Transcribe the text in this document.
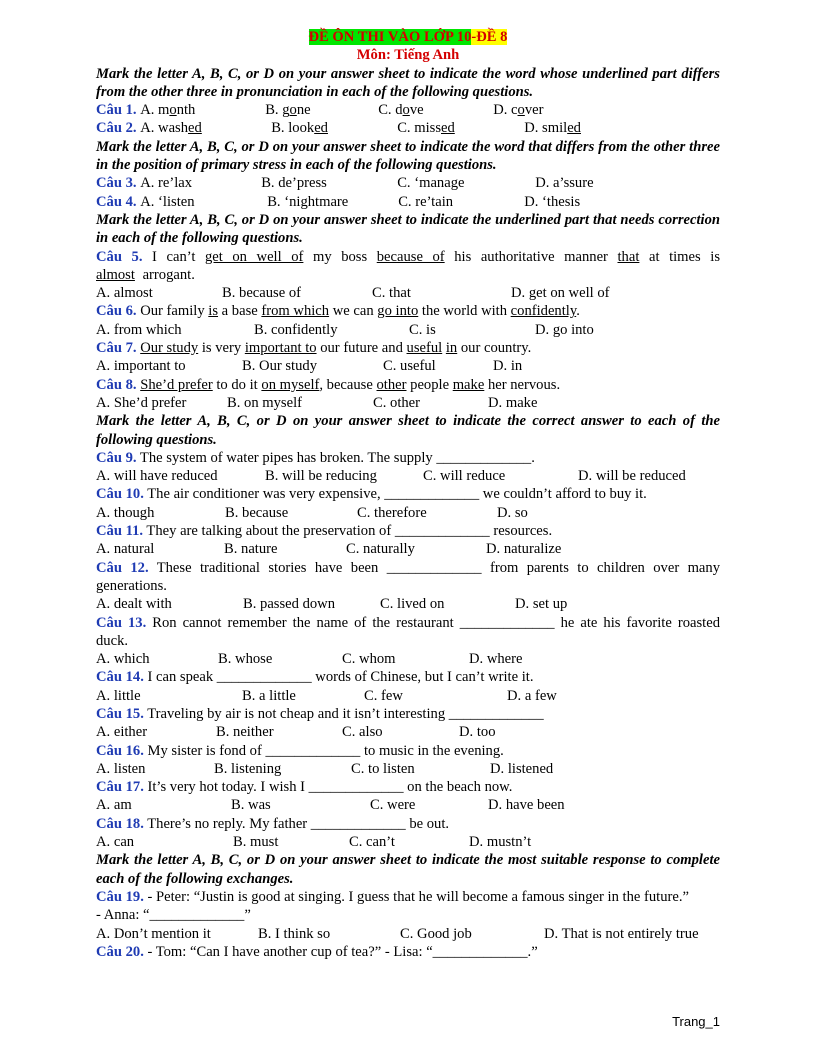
ĐỀ ÔN THI VÀO LỚP 10-ĐỀ 8
Môn: Tiếng Anh
Mark the letter A, B, C, or D on your answer sheet to indicate the word whose underlined part differs from the other three in pronunciation in each of the following questions.
Câu 1.
A. month	B. gone	C. dove	D. cover
Câu 2.
A. washed	B. looked	C. missed	D. smiled
Mark the letter A, B, C, or D on your answer sheet to indicate the word that differs from the other three in the position of primary stress in each of the following questions.
Câu 3.
A. re’lax	B. de’press	C. ‘manage	D. a’ssure
Câu 4.
A. ‘listen	B. ‘nightmare	C. re’tain	D. ‘thesis
Mark the letter A, B, C, or D on your answer sheet to indicate the underlined part that needs correction in each of the following questions.
Câu 5. I can’t get on well of my boss because of his authoritative manner that at times is almost arrogant.
A. almost	B. because of	C. that	D. get on well of
Câu 6. Our family is a base from which we can go into the world with confidently.
A. from which	B. confidently	C. is	D. go into
Câu 7. Our study is very important to our future and useful in our country.
A. important to	B. Our study	C. useful	D. in
Câu 8. She’d prefer to do it on myself, because other people make her nervous.
A. She’d prefer	B. on myself	C. other	D. make
Mark the letter A, B, C, or D on your answer sheet to indicate the correct answer to each of the following questions.
Câu 9. The system of water pipes has broken. The supply _____________.
A. will have reduced	B. will be reducing	C. will reduce	D. will be reduced
Câu 10. The air conditioner was very expensive, _____________ we couldn’t afford to buy it.
A. though	B. because	C. therefore	D. so
Câu 11. They are talking about the preservation of _____________ resources.
A. natural	B. nature	C. naturally	D. naturalize
Câu 12. These traditional stories have been _____________ from parents to children over many generations.
A. dealt with	B. passed down	C. lived on	D. set up
Câu 13. Ron cannot remember the name of the restaurant _____________ he ate his favorite roasted duck.
A. which	B. whose	C. whom	D. where
Câu 14. I can speak _____________ words of Chinese, but I can’t write it.
A. little	B. a little	C. few	D. a few
Câu 15. Traveling by air is not cheap and it isn’t interesting _____________
A. either	B. neither	C. also	D. too
Câu 16. My sister is fond of _____________ to music in the evening.
A. listen	B. listening	C. to listen	D. listened
Câu 17. It’s very hot today. I wish I _____________ on the beach now.
A. am	B. was	C. were	D. have been
Câu 18. There’s no reply. My father _____________ be out.
A. can	B. must	C. can’t	D. mustn’t
Mark the letter A, B, C, or D on your answer sheet to indicate the most suitable response to complete each of the following exchanges.
Câu 19. - Peter: “Justin is good at singing. I guess that he will become a famous singer in the future.”
- Anna: “_____________”
A. Don’t mention it	B. I think so	C. Good job	D. That is not entirely true
Câu 20. - Tom: “Can I have another cup of tea?” - Lisa: “_____________.”
Trang_1
